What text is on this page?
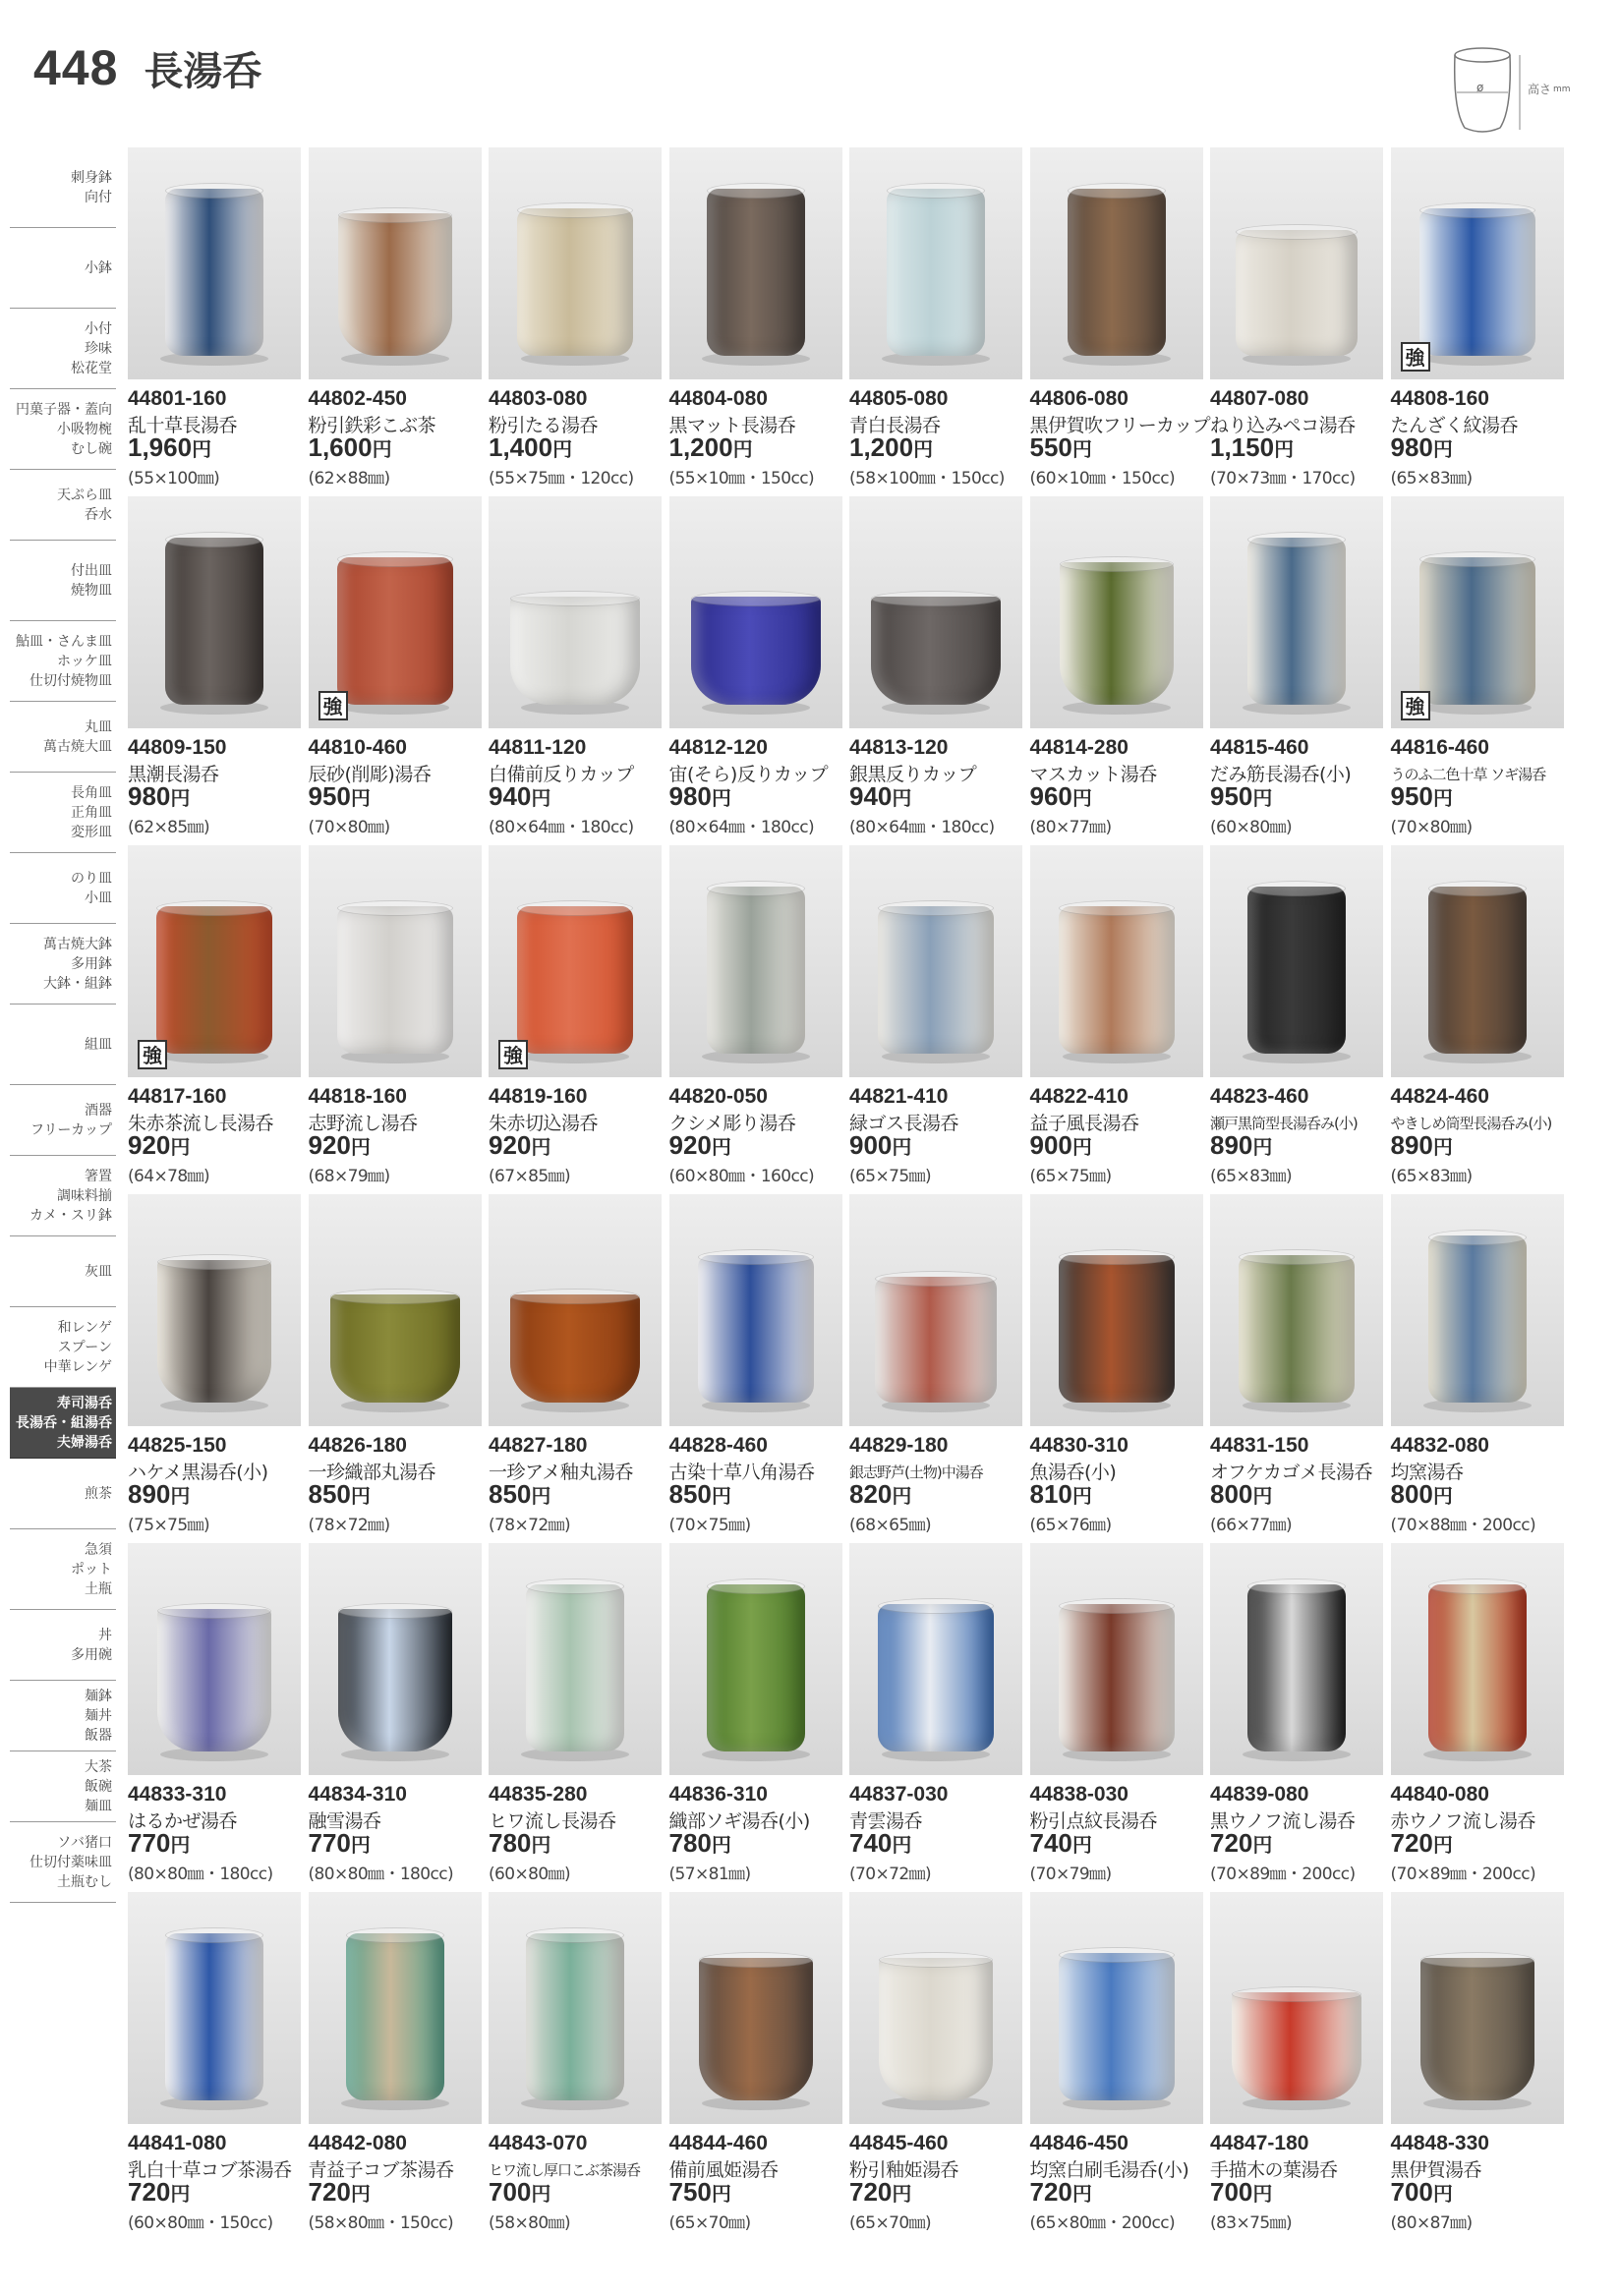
448 長湯呑	ø	高さ mm
刺身鉢
向付
小鉢
小付
珍味
松花堂
円菓子器・蓋向
小吸物椀
むし碗
天ぷら皿
呑水
付出皿
焼物皿
鮎皿・さんま皿
ホッケ皿
仕切付焼物皿
丸皿
萬古焼大皿
長角皿
正角皿
変形皿
のり皿
小皿
萬古焼大鉢
多用鉢
大鉢・組鉢
組皿
酒器
フリーカップ
箸置
調味料揃
カメ・スリ鉢
灰皿
和レンゲ
スプーン
中華レンゲ
寿司湯呑
長湯呑・組湯呑
夫婦湯呑
煎茶
急須
ポット
土瓶
丼
多用碗
麺鉢
麺丼
飯器
大茶
飯碗
麺皿
ソバ猪口
仕切付薬味皿
土瓶むし
44801-160
乱十草長湯呑
1,960円
(55×100㎜)
44802-450
粉引鉄彩こぶ茶
1,600円
(62×88㎜)
44803-080
粉引たる湯呑
1,400円
(55×75㎜・120cc)
44804-080
黒マット長湯呑
1,200円
(55×10㎜・150cc)
44805-080
青白長湯呑
1,200円
(58×100㎜・150cc)
44806-080
黒伊賀吹フリーカップ
550円
(60×10㎜・150cc)
44807-080
ねり込みペコ湯呑
1,150円
(70×73㎜・170cc)
強
44808-160
たんざく紋湯呑
980円
(65×83㎜)
44809-150
黒潮長湯呑
980円
(62×85㎜)
強
44810-460
辰砂(削彫)湯呑
950円
(70×80㎜)
44811-120
白備前反りカップ
940円
(80×64㎜・180cc)
44812-120
宙(そら)反りカップ
980円
(80×64㎜・180cc)
44813-120
銀黒反りカップ
940円
(80×64㎜・180cc)
44814-280
マスカット湯呑
960円
(80×77㎜)
44815-460
だみ筋長湯呑(小)
950円
(60×80㎜)
強
44816-460
うのふ二色十草 ソギ湯呑
950円
(70×80㎜)
強
44817-160
朱赤茶流し長湯呑
920円
(64×78㎜)
44818-160
志野流し湯呑
920円
(68×79㎜)
強
44819-160
朱赤切込湯呑
920円
(67×85㎜)
44820-050
クシメ彫り湯呑
920円
(60×80㎜・160cc)
44821-410
緑ゴス長湯呑
900円
(65×75㎜)
44822-410
益子風長湯呑
900円
(65×75㎜)
44823-460
瀬戸黒筒型長湯呑み(小)
890円
(65×83㎜)
44824-460
やきしめ筒型長湯呑み(小)
890円
(65×83㎜)
44825-150
ハケメ黒湯呑(小)
890円
(75×75㎜)
44826-180
一珍織部丸湯呑
850円
(78×72㎜)
44827-180
一珍アメ釉丸湯呑
850円
(78×72㎜)
44828-460
古染十草八角湯呑
850円
(70×75㎜)
44829-180
銀志野芦(土物)中湯呑
820円
(68×65㎜)
44830-310
魚湯呑(小)
810円
(65×76㎜)
44831-150
オフケカゴメ長湯呑
800円
(66×77㎜)
44832-080
均窯湯呑
800円
(70×88㎜・200cc)
44833-310
はるかぜ湯呑
770円
(80×80㎜・180cc)
44834-310
融雪湯呑
770円
(80×80㎜・180cc)
44835-280
ヒワ流し長湯呑
780円
(60×80㎜)
44836-310
織部ソギ湯呑(小)
780円
(57×81㎜)
44837-030
青雲湯呑
740円
(70×72㎜)
44838-030
粉引点紋長湯呑
740円
(70×79㎜)
44839-080
黒ウノフ流し湯呑
720円
(70×89㎜・200cc)
44840-080
赤ウノフ流し湯呑
720円
(70×89㎜・200cc)
44841-080
乳白十草コブ茶湯呑
720円
(60×80㎜・150cc)
44842-080
青益子コブ茶湯呑
720円
(58×80㎜・150cc)
44843-070
ヒワ流し厚口こぶ茶湯呑
700円
(58×80㎜)
44844-460
備前風姫湯呑
750円
(65×70㎜)
44845-460
粉引釉姫湯呑
720円
(65×70㎜)
44846-450
均窯白刷毛湯呑(小)
720円
(65×80㎜・200cc)
44847-180
手描木の葉湯呑
700円
(83×75㎜)
44848-330
黒伊賀湯呑
700円
(80×87㎜)
